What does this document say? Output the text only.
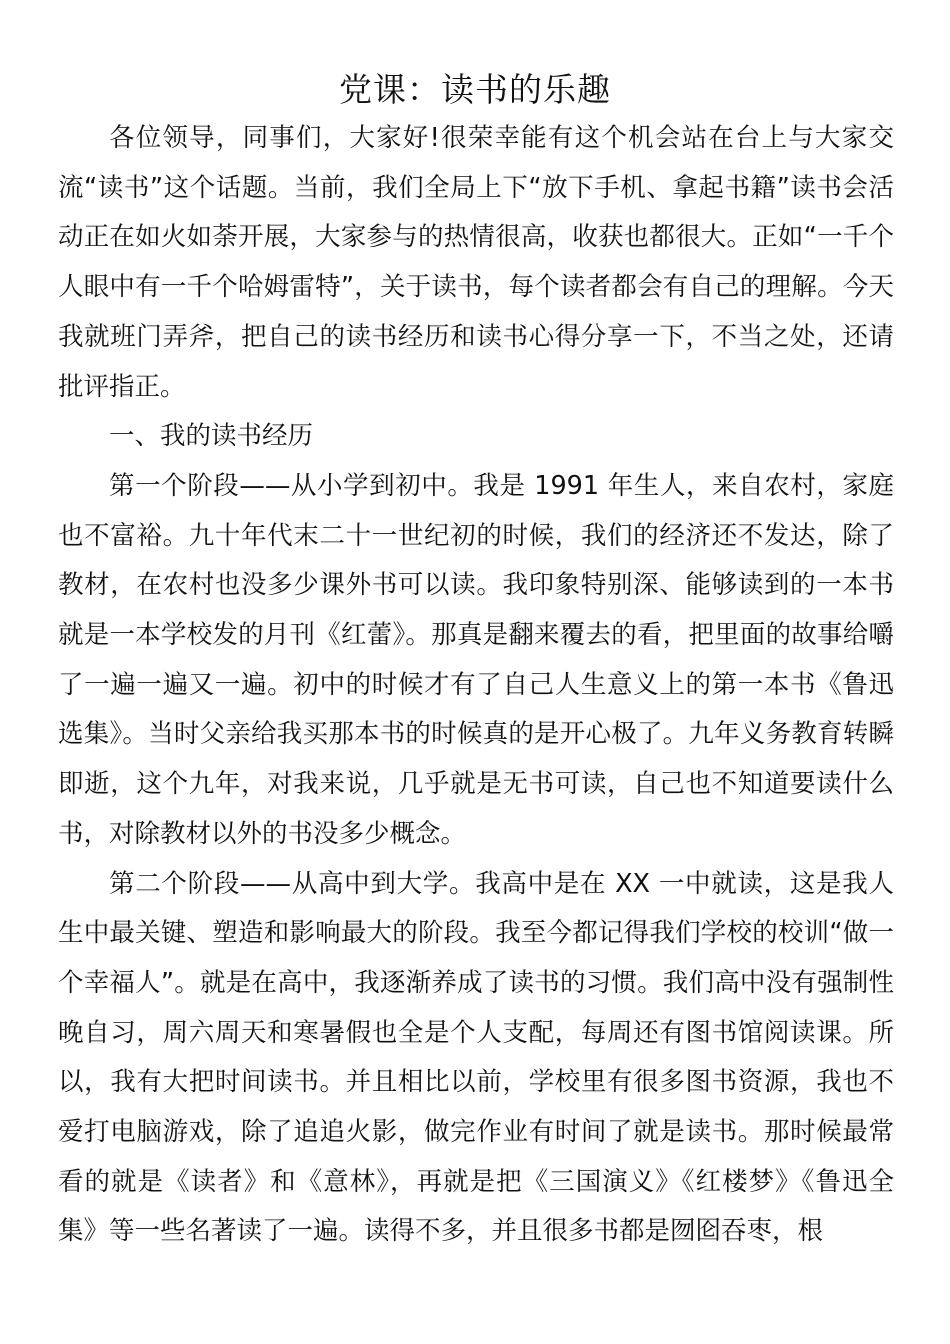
党课：读书的乐趣

各位领导，同事们，大家好!很荣幸能有这个机会站在台上与大家交流“读书”这个话题。当前，我们全局上下“放下手机、拿起书籍”读书会活动正在如火如荼开展，大家参与的热情很高，收获也都很大。正如“一千个人眼中有一千个哈姆雷特”，关于读书，每个读者都会有自己的理解。今天我就班门弄斧，把自己的读书经历和读书心得分享一下，不当之处，还请批评指正。

一、我的读书经历

第一个阶段——从小学到初中。我是 1991 年生人，来自农村，家庭也不富裕。九十年代末二十一世纪初的时候，我们的经济还不发达，除了教材，在农村也没多少课外书可以读。我印象特别深、能够读到的一本书就是一本学校发的月刊《红蕾》。那真是翻来覆去的看，把里面的故事给嚼了一遍一遍又一遍。初中的时候才有了自己人生意义上的第一本书《鲁迅选集》。当时父亲给我买那本书的时候真的是开心极了。九年义务教育转瞬即逝，这个九年，对我来说，几乎就是无书可读，自己也不知道要读什么书，对除教材以外的书没多少概念。

第二个阶段——从高中到大学。我高中是在 XX 一中就读，这是我人生中最关键、塑造和影响最大的阶段。我至今都记得我们学校的校训“做一个幸福人”。就是在高中，我逐渐养成了读书的习惯。我们高中没有强制性晚自习，周六周天和寒暑假也全是个人支配，每周还有图书馆阅读课。所以，我有大把时间读书。并且相比以前，学校里有很多图书资源，我也不爱打电脑游戏，除了追追火影，做完作业有时间了就是读书。那时候最常看的就是《读者》和《意林》，再就是把《三国演义》《红楼梦》《鲁迅全集》等一些名著读了一遍。读得不多，并且很多书都是囫囵吞枣，根
